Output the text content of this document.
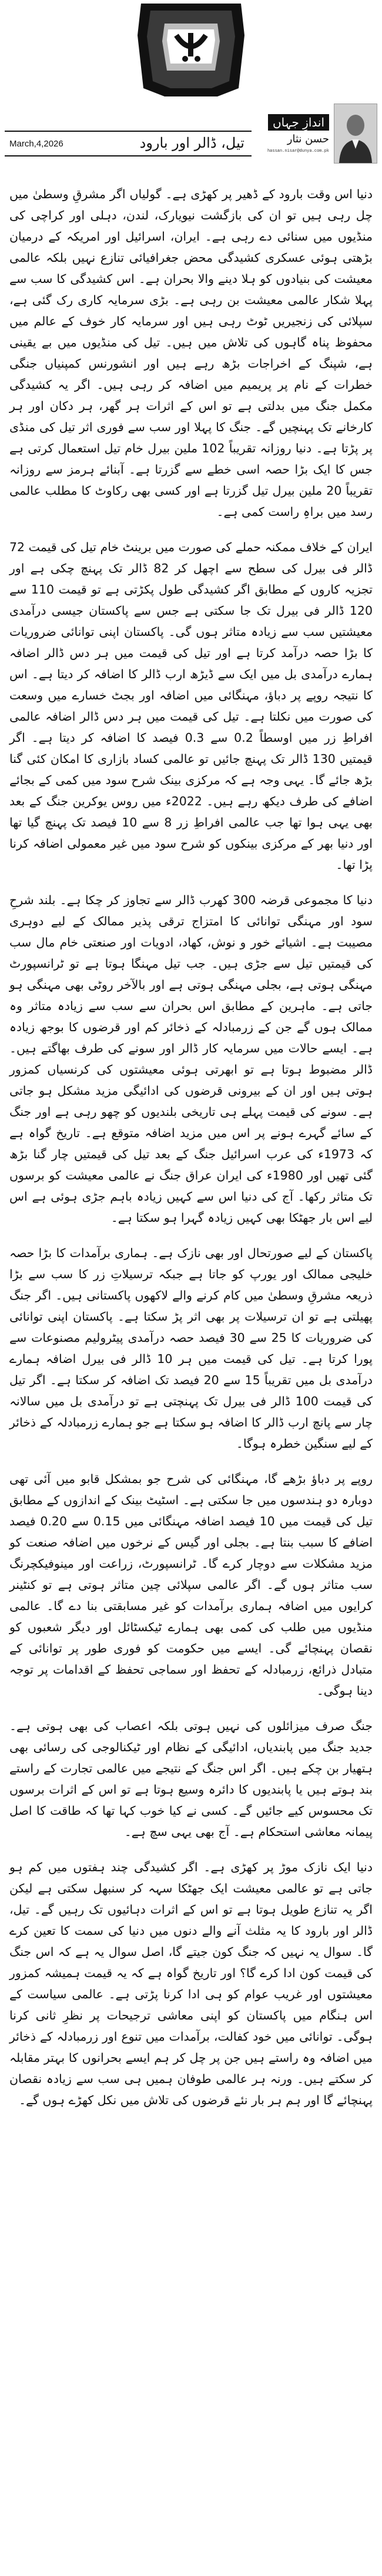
اندازِ جہاں
حسن نثار
hassan.nisar@dunya.com.pk
March,4,2026	تیل، ڈالر اور بارود

دنیا اس وقت بارود کے ڈھیر پر کھڑی ہے۔ گولیاں اگر مشرقِ وسطیٰ میں چل رہی ہیں تو ان کی بازگشت نیویارک، لندن، دہلی اور کراچی کی منڈیوں میں سنائی دے رہی ہے۔ ایران، اسرائیل اور امریکہ کے درمیان بڑھتی ہوئی عسکری کشیدگی محض جغرافیائی تنازع نہیں بلکہ عالمی معیشت کی بنیادوں کو ہلا دینے والا بحران ہے۔ اس کشیدگی کا سب سے پہلا شکار عالمی معیشت بن رہی ہے۔ بڑی سرمایہ کاری رک گئی ہے، سپلائی کی زنجیریں ٹوٹ رہی ہیں اور سرمایہ کار خوف کے عالم میں محفوظ پناہ گاہوں کی تلاش میں ہیں۔ تیل کی منڈیوں میں بے یقینی ہے، شپنگ کے اخراجات بڑھ رہے ہیں اور انشورنس کمپنیاں جنگی خطرات کے نام پر پریمیم میں اضافہ کر رہی ہیں۔ اگر یہ کشیدگی مکمل جنگ میں بدلتی ہے تو اس کے اثرات ہر گھر، ہر دکان اور ہر کارخانے تک پہنچیں گے۔ جنگ کا پہلا اور سب سے فوری اثر تیل کی منڈی پر پڑتا ہے۔ دنیا روزانہ تقریباً 102 ملین بیرل خام تیل استعمال کرتی ہے جس کا ایک بڑا حصہ اسی خطے سے گزرتا ہے۔ آبنائے ہرمز سے روزانہ تقریباً 20 ملین بیرل تیل گزرتا ہے اور کسی بھی رکاوٹ کا مطلب عالمی رسد میں براہِ راست کمی ہے۔

ایران کے خلاف ممکنہ حملے کی صورت میں برینٹ خام تیل کی قیمت 72 ڈالر فی بیرل کی سطح سے اچھل کر 82 ڈالر تک پہنچ چکی ہے اور تجزیہ کاروں کے مطابق اگر کشیدگی طول پکڑتی ہے تو قیمت 110 سے 120 ڈالر فی بیرل تک جا سکتی ہے جس سے پاکستان جیسی درآمدی معیشتیں سب سے زیادہ متاثر ہوں گی۔ پاکستان اپنی توانائی ضروریات کا بڑا حصہ درآمد کرتا ہے اور تیل کی قیمت میں ہر دس ڈالر اضافہ ہمارے درآمدی بل میں ایک سے ڈیڑھ ارب ڈالر کا اضافہ کر دیتا ہے۔ اس کا نتیجہ روپے پر دباؤ، مہنگائی میں اضافہ اور بجٹ خسارے میں وسعت کی صورت میں نکلتا ہے۔ تیل کی قیمت میں ہر دس ڈالر اضافہ عالمی افراطِ زر میں اوسطاً 0.2 سے 0.3 فیصد کا اضافہ کر دیتا ہے۔ اگر قیمتیں 130 ڈالر تک پہنچ جائیں تو عالمی کساد بازاری کا امکان کئی گنا بڑھ جائے گا۔ یہی وجہ ہے کہ مرکزی بینک شرح سود میں کمی کے بجائے اضافے کی طرف دیکھ رہے ہیں۔ 2022ء میں روس یوکرین جنگ کے بعد بھی یہی ہوا تھا جب عالمی افراطِ زر 8 سے 10 فیصد تک پہنچ گیا تھا اور دنیا بھر کے مرکزی بینکوں کو شرح سود میں غیر معمولی اضافہ کرنا پڑا تھا۔

دنیا کا مجموعی قرضہ 300 کھرب ڈالر سے تجاوز کر چکا ہے۔ بلند شرحِ سود اور مہنگی توانائی کا امتزاج ترقی پذیر ممالک کے لیے دوہری مصیبت ہے۔ اشیائے خور و نوش، کھاد، ادویات اور صنعتی خام مال سب کی قیمتیں تیل سے جڑی ہیں۔ جب تیل مہنگا ہوتا ہے تو ٹرانسپورٹ مہنگی ہوتی ہے، بجلی مہنگی ہوتی ہے اور بالآخر روٹی بھی مہنگی ہو جاتی ہے۔ ماہرین کے مطابق اس بحران سے سب سے زیادہ متاثر وہ ممالک ہوں گے جن کے زرمبادلہ کے ذخائر کم اور قرضوں کا بوجھ زیادہ ہے۔ ایسے حالات میں سرمایہ کار ڈالر اور سونے کی طرف بھاگتے ہیں۔ ڈالر مضبوط ہوتا ہے تو ابھرتی ہوئی معیشتوں کی کرنسیاں کمزور ہوتی ہیں اور ان کے بیرونی قرضوں کی ادائیگی مزید مشکل ہو جاتی ہے۔ سونے کی قیمت پہلے ہی تاریخی بلندیوں کو چھو رہی ہے اور جنگ کے سائے گہرے ہونے پر اس میں مزید اضافہ متوقع ہے۔ تاریخ گواہ ہے کہ 1973ء کی عرب اسرائیل جنگ کے بعد تیل کی قیمتیں چار گنا بڑھ گئی تھیں اور 1980ء کی ایران عراق جنگ نے عالمی معیشت کو برسوں تک متاثر رکھا۔ آج کی دنیا اس سے کہیں زیادہ باہم جڑی ہوئی ہے اس لیے اس بار جھٹکا بھی کہیں زیادہ گہرا ہو سکتا ہے۔

پاکستان کے لیے صورتحال اور بھی نازک ہے۔ ہماری برآمدات کا بڑا حصہ خلیجی ممالک اور یورپ کو جاتا ہے جبکہ ترسیلاتِ زر کا سب سے بڑا ذریعہ مشرقِ وسطیٰ میں کام کرنے والے لاکھوں پاکستانی ہیں۔ اگر جنگ پھیلتی ہے تو ان ترسیلات پر بھی اثر پڑ سکتا ہے۔ پاکستان اپنی توانائی کی ضروریات کا 25 سے 30 فیصد حصہ درآمدی پیٹرولیم مصنوعات سے پورا کرتا ہے۔ تیل کی قیمت میں ہر 10 ڈالر فی بیرل اضافہ ہمارے درآمدی بل میں تقریباً 15 سے 20 فیصد تک اضافہ کر سکتا ہے۔ اگر تیل کی قیمت 100 ڈالر فی بیرل تک پہنچتی ہے تو درآمدی بل میں سالانہ چار سے پانچ ارب ڈالر کا اضافہ ہو سکتا ہے جو ہمارے زرمبادلہ کے ذخائر کے لیے سنگین خطرہ ہوگا۔

روپے پر دباؤ بڑھے گا، مہنگائی کی شرح جو بمشکل قابو میں آئی تھی دوبارہ دو ہندسوں میں جا سکتی ہے۔ اسٹیٹ بینک کے اندازوں کے مطابق تیل کی قیمت میں 10 فیصد اضافہ مہنگائی میں 0.15 سے 0.20 فیصد اضافے کا سبب بنتا ہے۔ بجلی اور گیس کے نرخوں میں اضافہ صنعت کو مزید مشکلات سے دوچار کرے گا۔ ٹرانسپورٹ، زراعت اور مینوفیکچرنگ سب متاثر ہوں گے۔ اگر عالمی سپلائی چین متاثر ہوتی ہے تو کنٹینر کرایوں میں اضافہ ہماری برآمدات کو غیر مسابقتی بنا دے گا۔ عالمی منڈیوں میں طلب کی کمی بھی ہمارے ٹیکسٹائل اور دیگر شعبوں کو نقصان پہنچائے گی۔ ایسے میں حکومت کو فوری طور پر توانائی کے متبادل ذرائع، زرمبادلہ کے تحفظ اور سماجی تحفظ کے اقدامات پر توجہ دینا ہوگی۔

جنگ صرف میزائلوں کی نہیں ہوتی بلکہ اعصاب کی بھی ہوتی ہے۔ جدید جنگ میں پابندیاں، ادائیگی کے نظام اور ٹیکنالوجی کی رسائی بھی ہتھیار بن چکے ہیں۔ اگر اس جنگ کے نتیجے میں عالمی تجارت کے راستے بند ہوتے ہیں یا پابندیوں کا دائرہ وسیع ہوتا ہے تو اس کے اثرات برسوں تک محسوس کیے جائیں گے۔ کسی نے کیا خوب کہا تھا کہ طاقت کا اصل پیمانہ معاشی استحکام ہے۔ آج بھی یہی سچ ہے۔

دنیا ایک نازک موڑ پر کھڑی ہے۔ اگر کشیدگی چند ہفتوں میں کم ہو جاتی ہے تو عالمی معیشت ایک جھٹکا سہہ کر سنبھل سکتی ہے لیکن اگر یہ تنازع طویل ہوتا ہے تو اس کے اثرات دہائیوں تک رہیں گے۔ تیل، ڈالر اور بارود کا یہ مثلث آنے والے دنوں میں دنیا کی سمت کا تعین کرے گا۔ سوال یہ نہیں کہ جنگ کون جیتے گا، اصل سوال یہ ہے کہ اس جنگ کی قیمت کون ادا کرے گا؟ اور تاریخ گواہ ہے کہ یہ قیمت ہمیشہ کمزور معیشتوں اور غریب عوام کو ہی ادا کرنا پڑتی ہے۔ عالمی سیاست کے اس ہنگام میں پاکستان کو اپنی معاشی ترجیحات پر نظرِ ثانی کرنا ہوگی۔ توانائی میں خود کفالت، برآمدات میں تنوع اور زرمبادلہ کے ذخائر میں اضافہ وہ راستے ہیں جن پر چل کر ہم ایسے بحرانوں کا بہتر مقابلہ کر سکتے ہیں۔ ورنہ ہر عالمی طوفان ہمیں ہی سب سے زیادہ نقصان پہنچائے گا اور ہم ہر بار نئے قرضوں کی تلاش میں نکل کھڑے ہوں گے۔
